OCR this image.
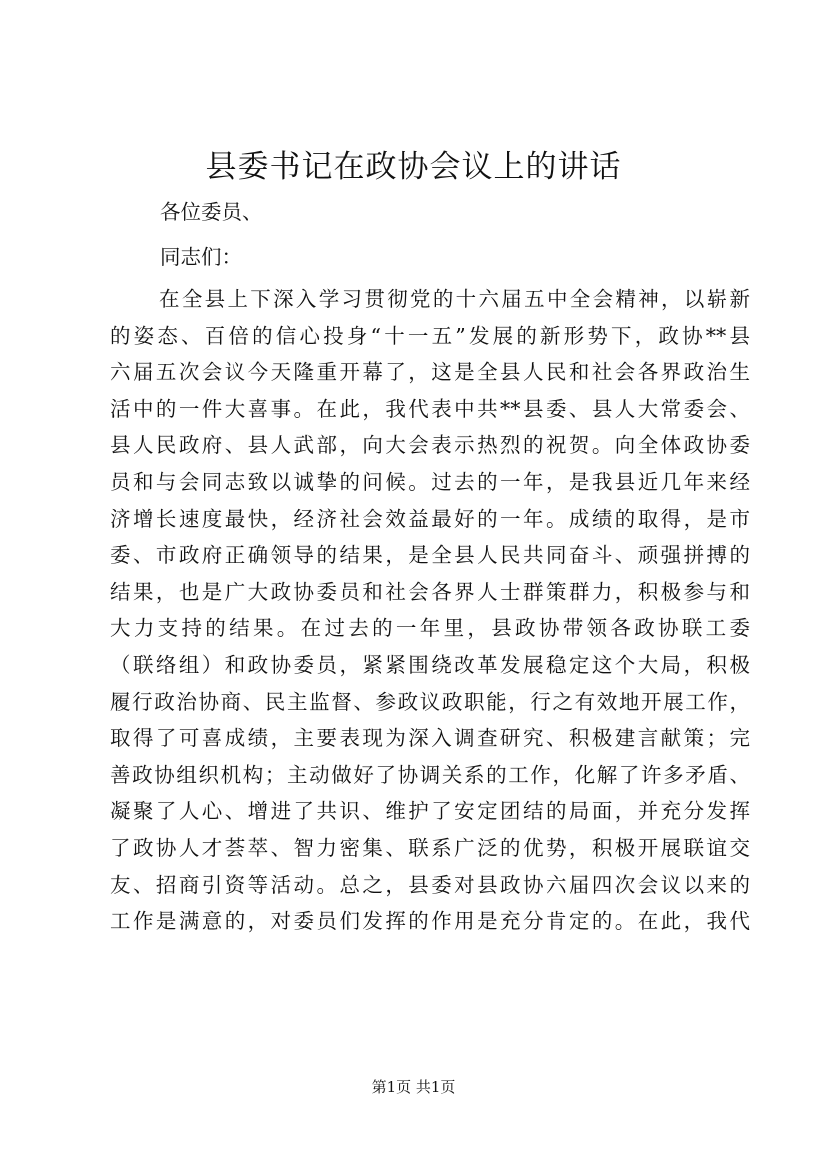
县委书记在政协会议上的讲话
各位委员、
同志们：
在全县上下深入学习贯彻党的十六届五中全会精神，以崭新
的姿态、百倍的信心投身“十一五”发展的新形势下，政协**县
六届五次会议今天隆重开幕了，这是全县人民和社会各界政治生
活中的一件大喜事。在此，我代表中共**县委、县人大常委会、
县人民政府、县人武部，向大会表示热烈的祝贺。向全体政协委
员和与会同志致以诚挚的问候。过去的一年，是我县近几年来经
济增长速度最快，经济社会效益最好的一年。成绩的取得，是市
委、市政府正确领导的结果，是全县人民共同奋斗、顽强拼搏的
结果，也是广大政协委员和社会各界人士群策群力，积极参与和
大力支持的结果。在过去的一年里，县政协带领各政协联工委
（联络组）和政协委员，紧紧围绕改革发展稳定这个大局，积极
履行政治协商、民主监督、参政议政职能，行之有效地开展工作，
取得了可喜成绩，主要表现为深入调查研究、积极建言献策；完
善政协组织机构；主动做好了协调关系的工作，化解了许多矛盾、
凝聚了人心、增进了共识、维护了安定团结的局面，并充分发挥
了政协人才荟萃、智力密集、联系广泛的优势，积极开展联谊交
友、招商引资等活动。总之，县委对县政协六届四次会议以来的
工作是满意的，对委员们发挥的作用是充分肯定的。在此，我代
第1页 共1页
